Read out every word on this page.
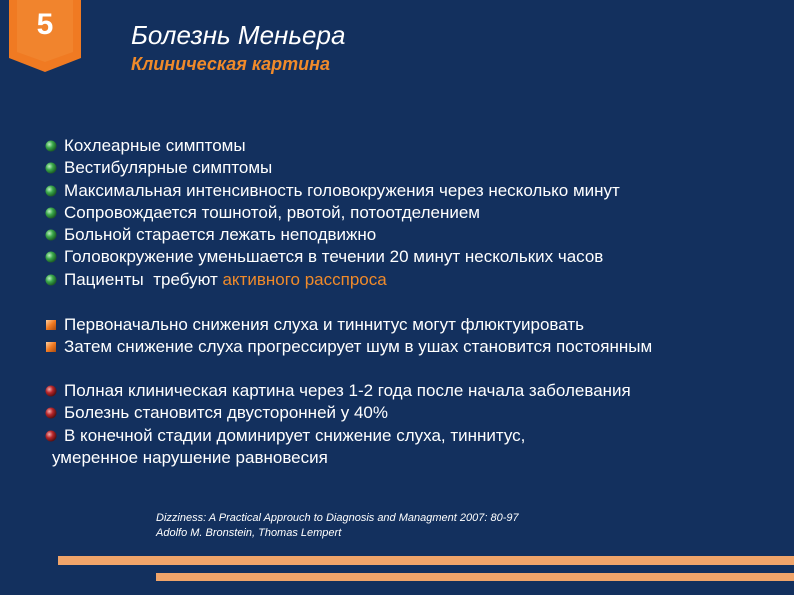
5	Болезнь Меньера
Клиническая картина
Кохлеарные симптомы
Вестибулярные симптомы
Максимальная интенсивность головокружения через несколько минут
Сопровождается тошнотой, рвотой, потоотделением
Больной старается лежать неподвижно
Головокружение уменьшается в течении 20 минут нескольких часов
Пациенты  требуют активного расспроса
Первоначально снижения слуха и тиннитус могут флюктуировать
Затем снижение слуха прогрессирует шум в ушах становится постоянным
Полная клиническая картина через 1-2 года после начала заболевания
Болезнь становится двусторонней у 40%
В конечной стадии доминирует снижение слуха, тиннитус,
умеренное нарушение равновесия
Dizziness: A Practical Approuch to Diagnosis and Managment 2007: 80-97
Adolfo M. Bronstein, Thomas Lempert
